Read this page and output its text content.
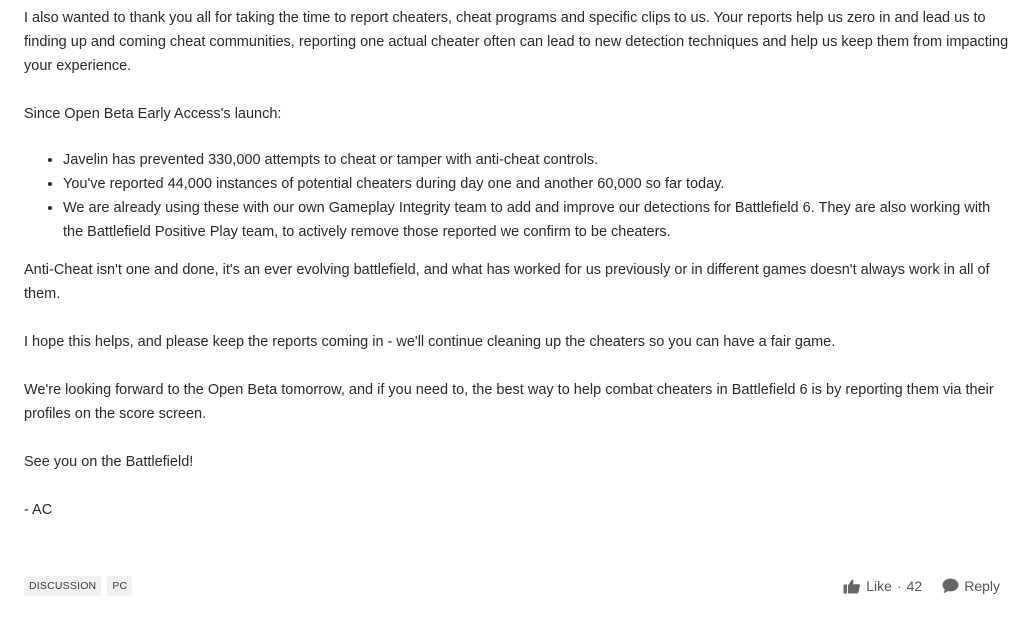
I also wanted to thank you all for taking the time to report cheaters, cheat programs and specific clips to us. Your reports help us zero in and lead us to finding up and coming cheat communities, reporting one actual cheater often can lead to new detection techniques and help us keep them from impacting your experience.

Since Open Beta Early Access's launch:

• Javelin has prevented 330,000 attempts to cheat or tamper with anti-cheat controls.
• You've reported 44,000 instances of potential cheaters during day one and another 60,000 so far today.
• We are already using these with our own Gameplay Integrity team to add and improve our detections for Battlefield 6. They are also working with the Battlefield Positive Play team, to actively remove those reported we confirm to be cheaters.

Anti-Cheat isn't one and done, it's an ever evolving battlefield, and what has worked for us previously or in different games doesn't always work in all of them.

I hope this helps, and please keep the reports coming in - we'll continue cleaning up the cheaters so you can have a fair game.

We're looking forward to the Open Beta tomorrow, and if you need to, the best way to help combat cheaters in Battlefield 6 is by reporting them via their profiles on the score screen.

See you on the Battlefield!

- AC

DISCUSSION	PC	Like · 42	Reply
